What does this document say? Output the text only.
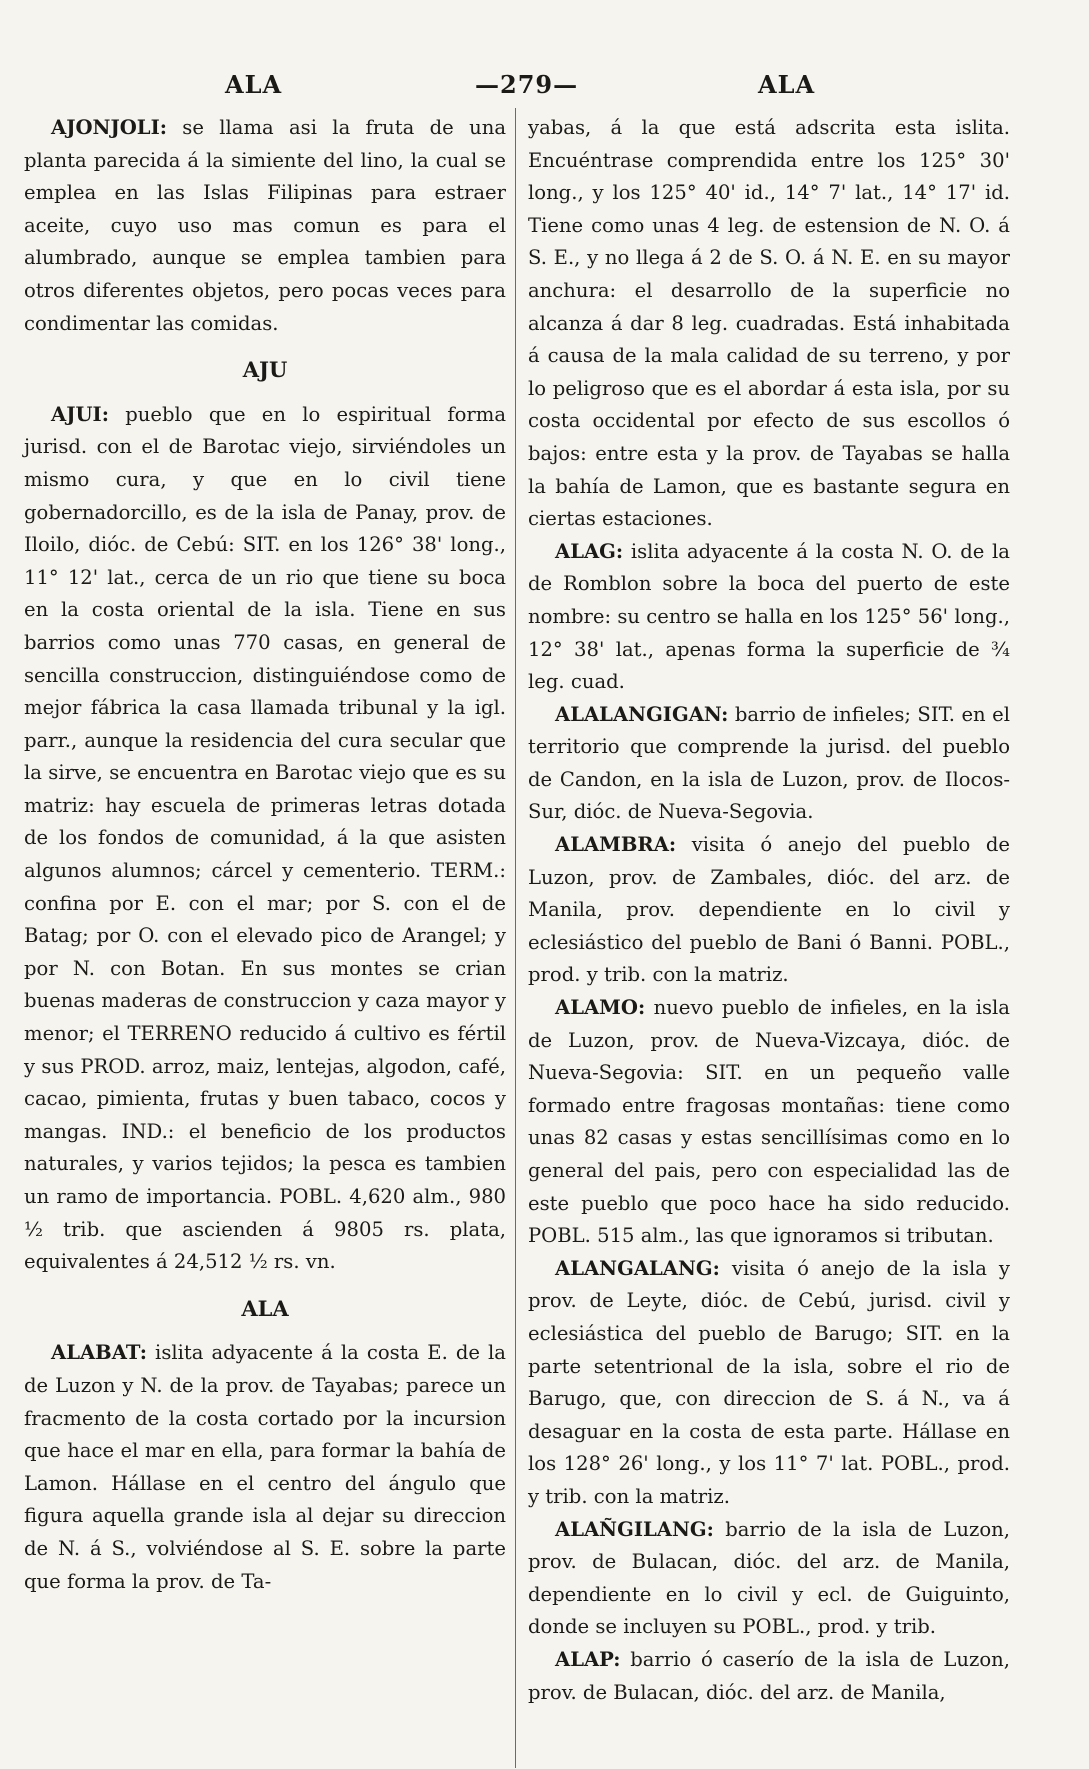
ALA	—279—	ALA

AJONJOLI: se llama asi la fruta de una planta parecida á la simiente del lino, la cual se emplea en las Islas Filipinas para estraer aceite, cuyo uso mas comun es para el alumbrado, aunque se emplea tambien para otros diferentes objetos, pero pocas veces para condimentar las comidas.

AJU

AJUI: pueblo que en lo espiritual forma jurisd. con el de Barotac viejo, sirviéndoles un mismo cura, y que en lo civil tiene gobernadorcillo, es de la isla de Panay, prov. de Iloilo, dióc. de Cebú: SIT. en los 126° 38' long., 11° 12' lat., cerca de un rio que tiene su boca en la costa oriental de la isla. Tiene en sus barrios como unas 770 casas, en general de sencilla construccion, distinguiéndose como de mejor fábrica la casa llamada tribunal y la igl. parr., aunque la residencia del cura secular que la sirve, se encuentra en Barotac viejo que es su matriz: hay escuela de primeras letras dotada de los fondos de comunidad, á la que asisten algunos alumnos; cárcel y cementerio. TERM.: confina por E. con el mar; por S. con el de Batag; por O. con el elevado pico de Arangel; y por N. con Botan. En sus montes se crian buenas maderas de construccion y caza mayor y menor; el TERRENO reducido á cultivo es fértil y sus PROD. arroz, maiz, lentejas, algodon, café, cacao, pimienta, frutas y buen tabaco, cocos y mangas. IND.: el beneficio de los productos naturales, y varios tejidos; la pesca es tambien un ramo de importancia. POBL. 4,620 alm., 980 ½ trib. que ascienden á 9805 rs. plata, equivalentes á 24,512 ½ rs. vn.

ALA

ALABAT: islita adyacente á la costa E. de la de Luzon y N. de la prov. de Tayabas; parece un fracmento de la costa cortado por la incursion que hace el mar en ella, para formar la bahía de Lamon. Hállase en el centro del ángulo que figura aquella grande isla al dejar su direccion de N. á S., volviéndose al S. E. sobre la parte que forma la prov. de Ta-

yabas, á la que está adscrita esta islita. Encuéntrase comprendida entre los 125° 30' long., y los 125° 40' id., 14° 7' lat., 14° 17' id. Tiene como unas 4 leg. de estension de N. O. á S. E., y no llega á 2 de S. O. á N. E. en su mayor anchura: el desarrollo de la superficie no alcanza á dar 8 leg. cuadradas. Está inhabitada á causa de la mala calidad de su terreno, y por lo peligroso que es el abordar á esta isla, por su costa occidental por efecto de sus escollos ó bajos: entre esta y la prov. de Tayabas se halla la bahía de Lamon, que es bastante segura en ciertas estaciones.

ALAG: islita adyacente á la costa N. O. de la de Romblon sobre la boca del puerto de este nombre: su centro se halla en los 125° 56' long., 12° 38' lat., apenas forma la superficie de ¾ leg. cuad.

ALALANGIGAN: barrio de infieles; SIT. en el territorio que comprende la jurisd. del pueblo de Candon, en la isla de Luzon, prov. de Ilocos-Sur, dióc. de Nueva-Segovia.

ALAMBRA: visita ó anejo del pueblo de Luzon, prov. de Zambales, dióc. del arz. de Manila, prov. dependiente en lo civil y eclesiástico del pueblo de Bani ó Banni. POBL., prod. y trib. con la matriz.

ALAMO: nuevo pueblo de infieles, en la isla de Luzon, prov. de Nueva-Vizcaya, dióc. de Nueva-Segovia: SIT. en un pequeño valle formado entre fragosas montañas: tiene como unas 82 casas y estas sencillísimas como en lo general del pais, pero con especialidad las de este pueblo que poco hace ha sido reducido. POBL. 515 alm., las que ignoramos si tributan.

ALANGALANG: visita ó anejo de la isla y prov. de Leyte, dióc. de Cebú, jurisd. civil y eclesiástica del pueblo de Barugo; SIT. en la parte setentrional de la isla, sobre el rio de Barugo, que, con direccion de S. á N., va á desaguar en la costa de esta parte. Hállase en los 128° 26' long., y los 11° 7' lat. POBL., prod. y trib. con la matriz.

ALAÑGILANG: barrio de la isla de Luzon, prov. de Bulacan, dióc. del arz. de Manila, dependiente en lo civil y ecl. de Guiguinto, donde se incluyen su POBL., prod. y trib.

ALAP: barrio ó caserío de la isla de Luzon, prov. de Bulacan, dióc. del arz. de Manila,
